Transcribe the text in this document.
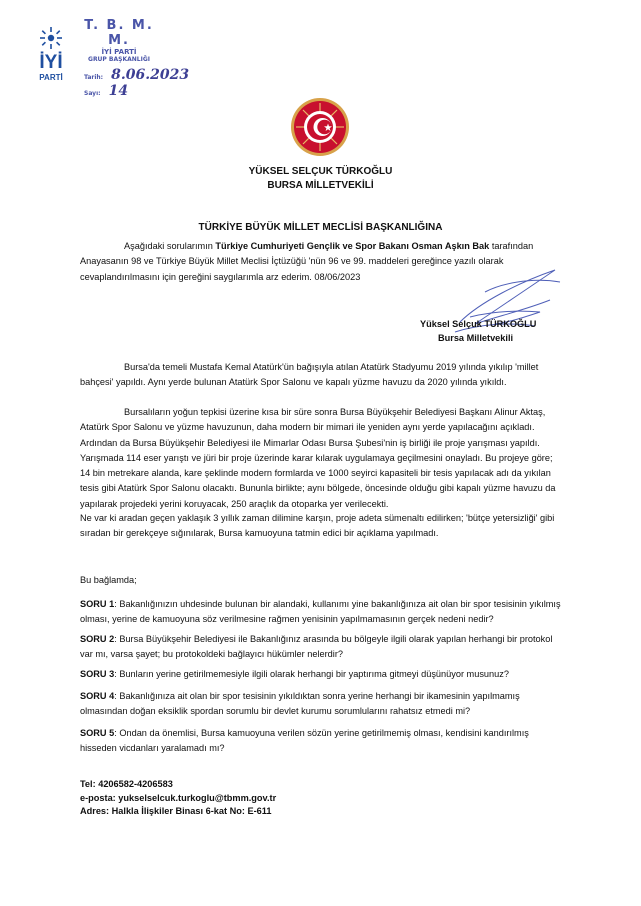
İYİ
PARTİ
T. B. M. M.
İYİ PARTİ
GRUP BAŞKANLIĞI
Tarih: 8.06.2023
Sayı: 14
YÜKSEL SELÇUK TÜRKOĞLU
BURSA MİLLETVEKİLİ
TÜRKİYE BÜYÜK MİLLET MECLİSİ BAŞKANLIĞINA

Aşağıdaki sorularımın Türkiye Cumhuriyeti Gençlik ve Spor Bakanı Osman Aşkın Bak tarafından Anayasanın 98 ve Türkiye Büyük Millet Meclisi İçtüzüğü 'nün 96 ve 99. maddeleri gereğince yazılı olarak cevaplandırılmasını için gereğini saygılarımla arz ederim. 08/06/2023

Yüksel Selçuk TÜRKOĞLU
Bursa Milletvekili

Bursa'da temeli Mustafa Kemal Atatürk'ün bağışıyla atılan Atatürk Stadyumu 2019 yılında yıkılıp 'millet bahçesi' yapıldı. Aynı yerde bulunan Atatürk Spor Salonu ve kapalı yüzme havuzu da 2020 yılında yıkıldı.

Bursalıların yoğun tepkisi üzerine kısa bir süre sonra Bursa Büyükşehir Belediyesi Başkanı Alinur Aktaş, Atatürk Spor Salonu ve yüzme havuzunun, daha modern bir mimari ile yeniden aynı yerde yapılacağını açıkladı. Ardından da Bursa Büyükşehir Belediyesi ile Mimarlar Odası Bursa Şubesi'nin iş birliği ile proje yarışması yapıldı. Yarışmada 114 eser yarıştı ve jüri bir proje üzerinde karar kılarak uygulamaya geçilmesini onayladı. Bu projeye göre; 14 bin metrekare alanda, kare şeklinde modern formlarda ve 1000 seyirci kapasiteli bir tesis yapılacak adı da yıkılan tesis gibi Atatürk Spor Salonu olacaktı. Bununla birlikte; aynı bölgede, öncesinde olduğu gibi kapalı yüzme havuzu da yapılarak projedeki yerini koruyacak, 250 araçlık da otoparka yer verilecekti.

Ne var ki aradan geçen yaklaşık 3 yıllık zaman dilimine karşın, proje adeta sümenaltı edilirken; 'bütçe yetersizliği' gibi sıradan bir gerekçeye sığınılarak, Bursa kamuoyuna tatmin edici bir açıklama yapılmadı.

Bu bağlamda;

SORU 1: Bakanlığınızın uhdesinde bulunan bir alandaki, kullanımı yine bakanlığınıza ait olan bir spor tesisinin yıkılmış olması, yerine de kamuoyuna söz verilmesine rağmen yenisinin yapılmamasının gerçek nedeni nedir?

SORU 2: Bursa Büyükşehir Belediyesi ile Bakanlığınız arasında bu bölgeyle ilgili olarak yapılan herhangi bir protokol var mı, varsa şayet; bu protokoldeki bağlayıcı hükümler nelerdir?

SORU 3: Bunların yerine getirilmemesiyle ilgili olarak herhangi bir yaptırıma gitmeyi düşünüyor musunuz?

SORU 4: Bakanlığınıza ait olan bir spor tesisinin yıkıldıktan sonra yerine herhangi bir ikamesinin yapılmamış olmasından doğan eksiklik spordan sorumlu bir devlet kurumu sorumlularını rahatsız etmedi mi?

SORU 5: Ondan da önemlisi, Bursa kamuoyuna verilen sözün yerine getirilmemiş olması, kendisini kandırılmış hisseden vicdanları yaralamadı mı?

Tel: 4206582-4206583
e-posta: yukselselcuk.turkoglu@tbmm.gov.tr
Adres: Halkla İlişkiler Binası 6-kat No: E-611
